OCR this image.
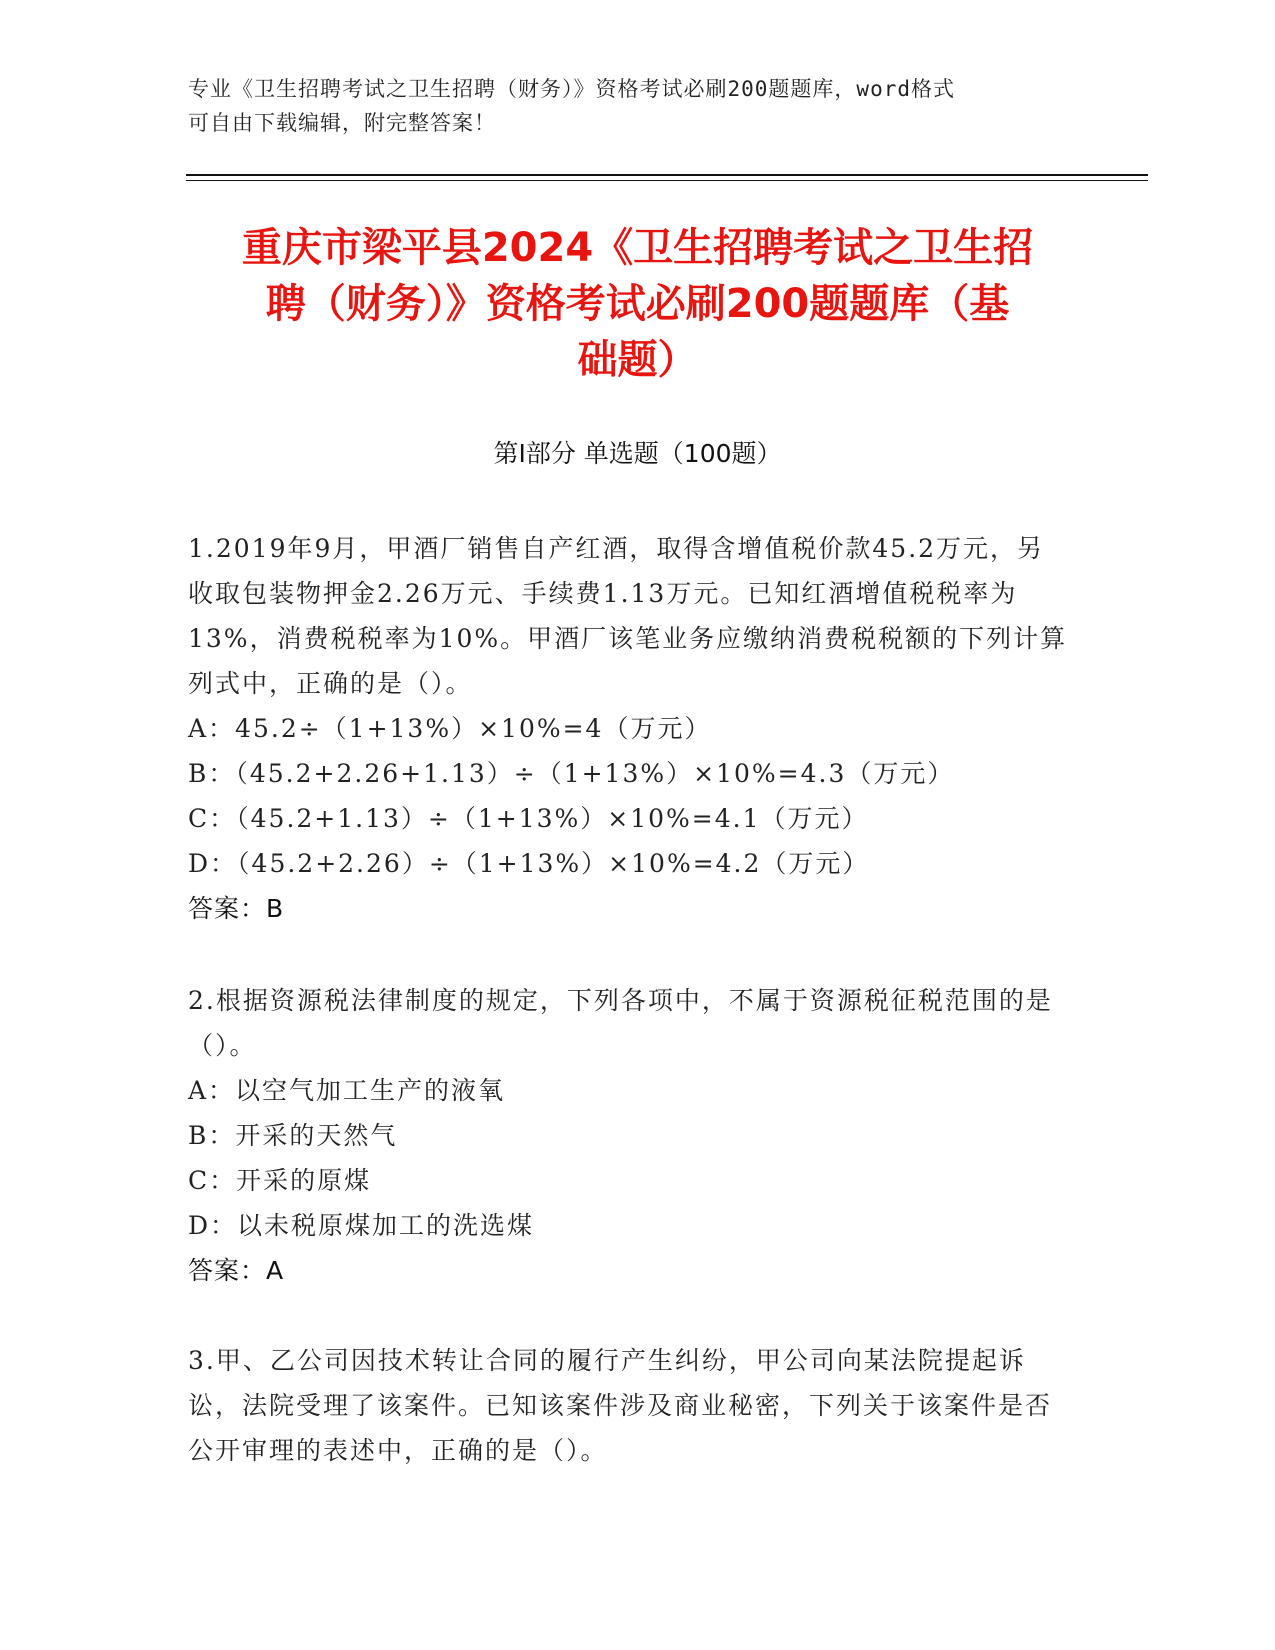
专业《卫生招聘考试之卫生招聘（财务）》资格考试必刷200题题库，word格式
可自由下载编辑，附完整答案！
重庆市梁平县2024《卫生招聘考试之卫生招
聘（财务）》资格考试必刷200题题库（基
础题）
第Ⅰ部分 单选题（100题）

1.2019年9月，甲酒厂销售自产红酒，取得含增值税价款45.2万元，另收取包装物押金2.26万元、手续费1.13万元。已知红酒增值税税率为13%，消费税税率为10%。甲酒厂该笔业务应缴纳消费税税额的下列计算列式中，正确的是（）。

A：45.2÷（1+13%）×10%=4（万元）

B：（45.2+2.26+1.13）÷（1+13%）×10%=4.3（万元）

C：（45.2+1.13）÷（1+13%）×10%=4.1（万元）

D：（45.2+2.26）÷（1+13%）×10%=4.2（万元）

答案：B

2.根据资源税法律制度的规定，下列各项中，不属于资源税征税范围的是（）。

A：以空气加工生产的液氧

B：开采的天然气

C：开采的原煤

D：以未税原煤加工的洗选煤

答案：A

3.甲、乙公司因技术转让合同的履行产生纠纷，甲公司向某法院提起诉讼，法院受理了该案件。已知该案件涉及商业秘密，下列关于该案件是否公开审理的表述中，正确的是（）。
